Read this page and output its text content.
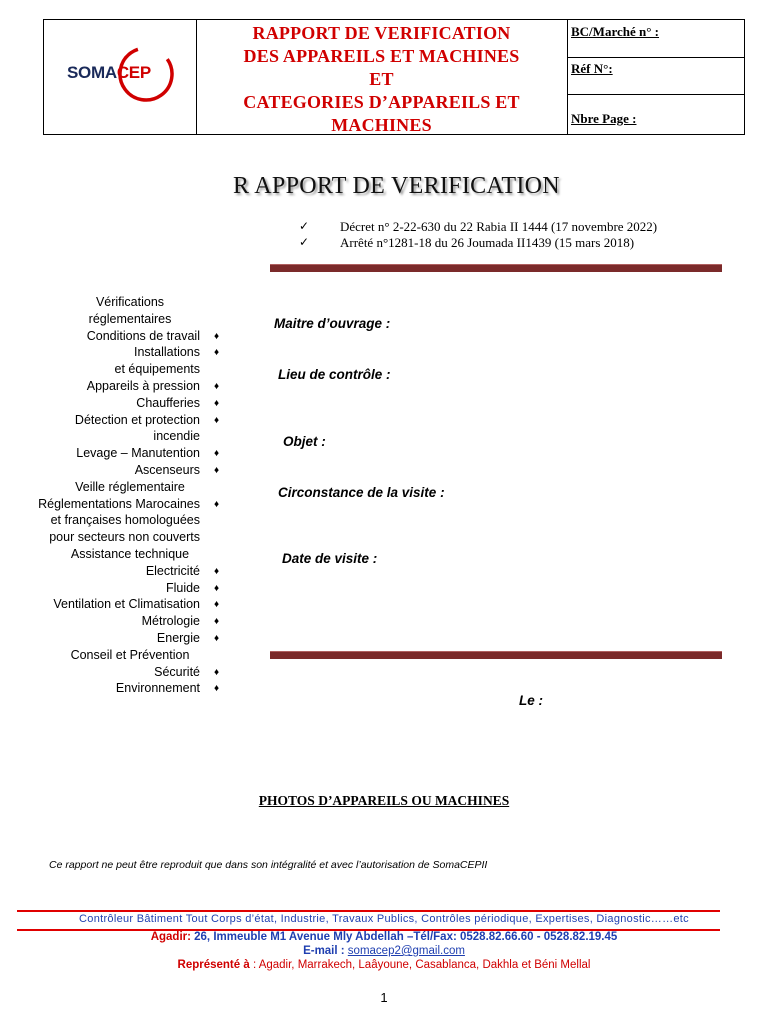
SOMACEP
RAPPORT DE VERIFICATION
DES APPAREILS ET MACHINES
ET
CATEGORIES D’APPAREILS ET
MACHINES
BC/Marché n° :
Réf N°:
Nbre Page :
R APPORT DE VERIFICATION
✓ Décret n° 2-22-630 du 22 Rabia II 1444 (17 novembre 2022)
✓ Arrêté n°1281-18 du 26 Joumada II1439 (15 mars 2018)
Vérifications
réglementaires
Conditions de travail ♦
Installations ♦
et équipements
Appareils à pression ♦
Chaufferies ♦
Détection et protection ♦
incendie
Levage – Manutention ♦
Ascenseurs ♦
Veille réglementaire
Réglementations Marocaines ♦
et françaises homologuées
pour secteurs non couverts
Assistance technique
Electricité ♦
Fluide ♦
Ventilation et Climatisation ♦
Métrologie ♦
Energie ♦
Conseil et Prévention
Sécurité ♦
Environnement ♦
Maitre d’ouvrage :
Lieu de contrôle :
Objet :
Circonstance de la visite :
Date de visite :
Le :
PHOTOS D’APPAREILS OU MACHINES
Ce rapport ne peut être reproduit que dans son intégralité et avec l’autorisation de SomaCEPII
Contrôleur Bâtiment Tout Corps d’état, Industrie, Travaux Publics, Contrôles périodique, Expertises, Diagnostic……etc
Agadir: 26, Immeuble M1 Avenue Mly Abdellah –Tél/Fax: 0528.82.66.60 - 0528.82.19.45
E-mail : somacep2@gmail.com
Représenté à : Agadir, Marrakech, Laâyoune, Casablanca, Dakhla et Béni Mellal
1
